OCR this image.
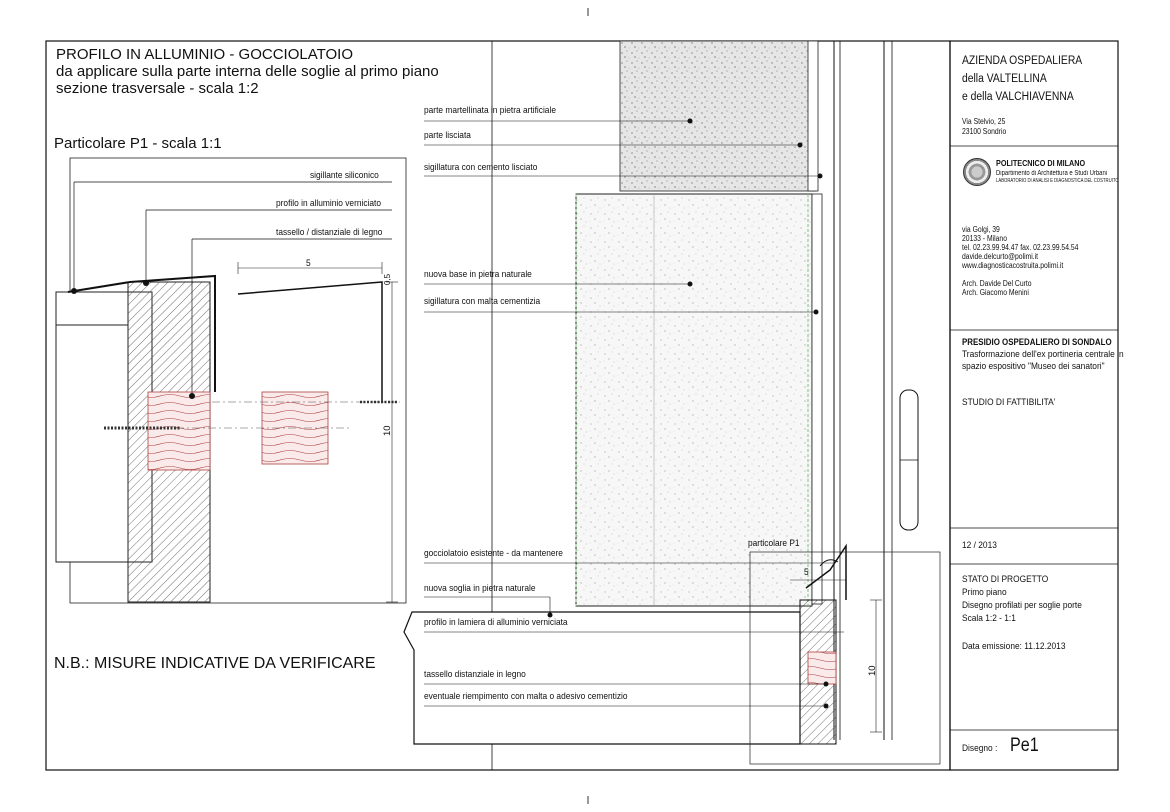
PROFILO IN ALLUMINIO - GOCCIOLATOIO
da applicare sulla parte interna delle soglie al primo piano
sezione trasversale - scala 1:2
Particolare P1 - scala 1:1
sigillante siliconico
profilo in alluminio verniciato
tassello / distanziale di legno
5
0,5
10
N.B.: MISURE INDICATIVE DA VERIFICARE
parte martellinata in pietra artificiale
parte lisciata
sigillatura con cemento lisciato
nuova base in pietra naturale
sigillatura con malta cementizia
gocciolatoio esistente - da mantenere
nuova soglia in pietra naturale
profilo in lamiera di alluminio verniciata
tassello distanziale in legno
eventuale riempimento con malta o adesivo cementizio
particolare P1
5
10
AZIENDA OSPEDALIERA
della VALTELLINA
e della VALCHIAVENNA
Via Stelvio, 25
23100 Sondrio
POLITECNICO DI MILANO
Dipartimento di Architettura e Studi Urbani
LABORATORIO DI ANALISI E DIAGNOSTICA DEL COSTRUITO
via Golgi, 39
20133 - Milano
tel. 02.23.99.94.47 fax. 02.23.99.54.54
davide.delcurto@polimi.it
www.diagnosticacostruita.polimi.it
Arch. Davide Del Curto
Arch. Giacomo Menini
PRESIDIO OSPEDALIERO DI SONDALO
Trasformazione dell'ex portineria centrale in
spazio espositivo "Museo dei sanatori"
STUDIO DI FATTIBILITA'
12 / 2013
STATO DI PROGETTO
Primo piano
Disegno profilati per soglie porte
Scala 1:2 - 1:1
Data emissione: 11.12.2013
Disegno : Pe1
